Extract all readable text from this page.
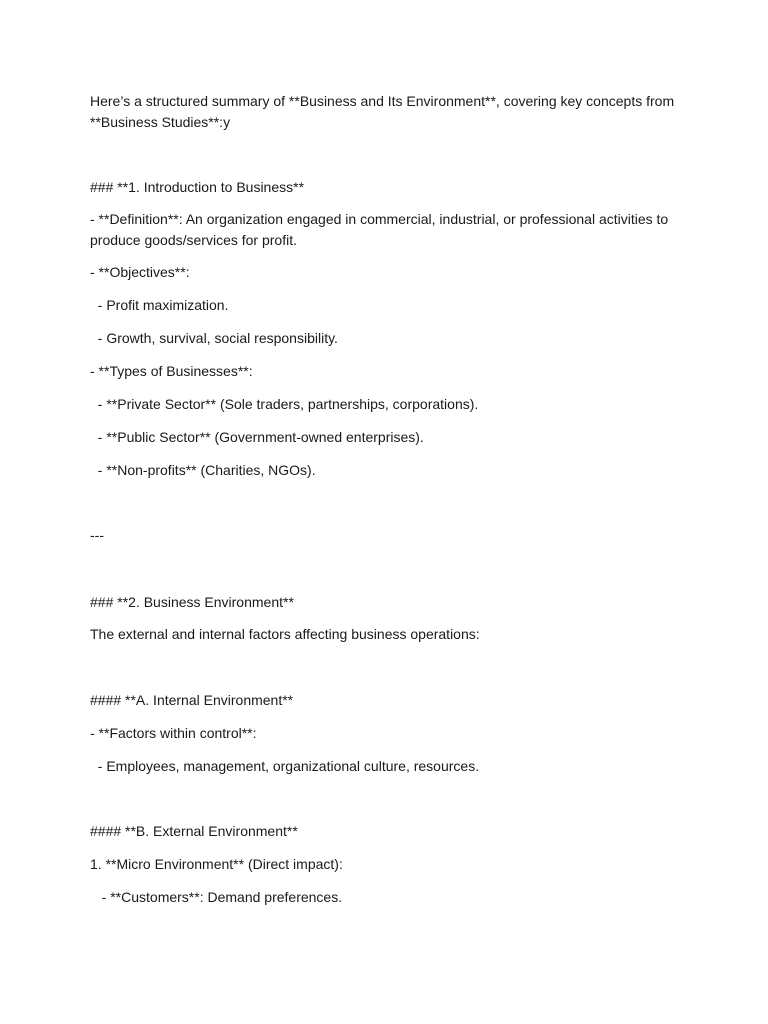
Here’s a structured summary of **Business and Its Environment**, covering key concepts from

**Business Studies**:y

### **1. Introduction to Business**

- **Definition**: An organization engaged in commercial, industrial, or professional activities to

produce goods/services for profit.

- **Objectives**:

- Profit maximization.

- Growth, survival, social responsibility.

- **Types of Businesses**:

- **Private Sector** (Sole traders, partnerships, corporations).

- **Public Sector** (Government-owned enterprises).

- **Non-profits** (Charities, NGOs).

---

### **2. Business Environment**

The external and internal factors affecting business operations:

#### **A. Internal Environment**

- **Factors within control**:

- Employees, management, organizational culture, resources.

#### **B. External Environment**

1. **Micro Environment** (Direct impact):

- **Customers**: Demand preferences.
